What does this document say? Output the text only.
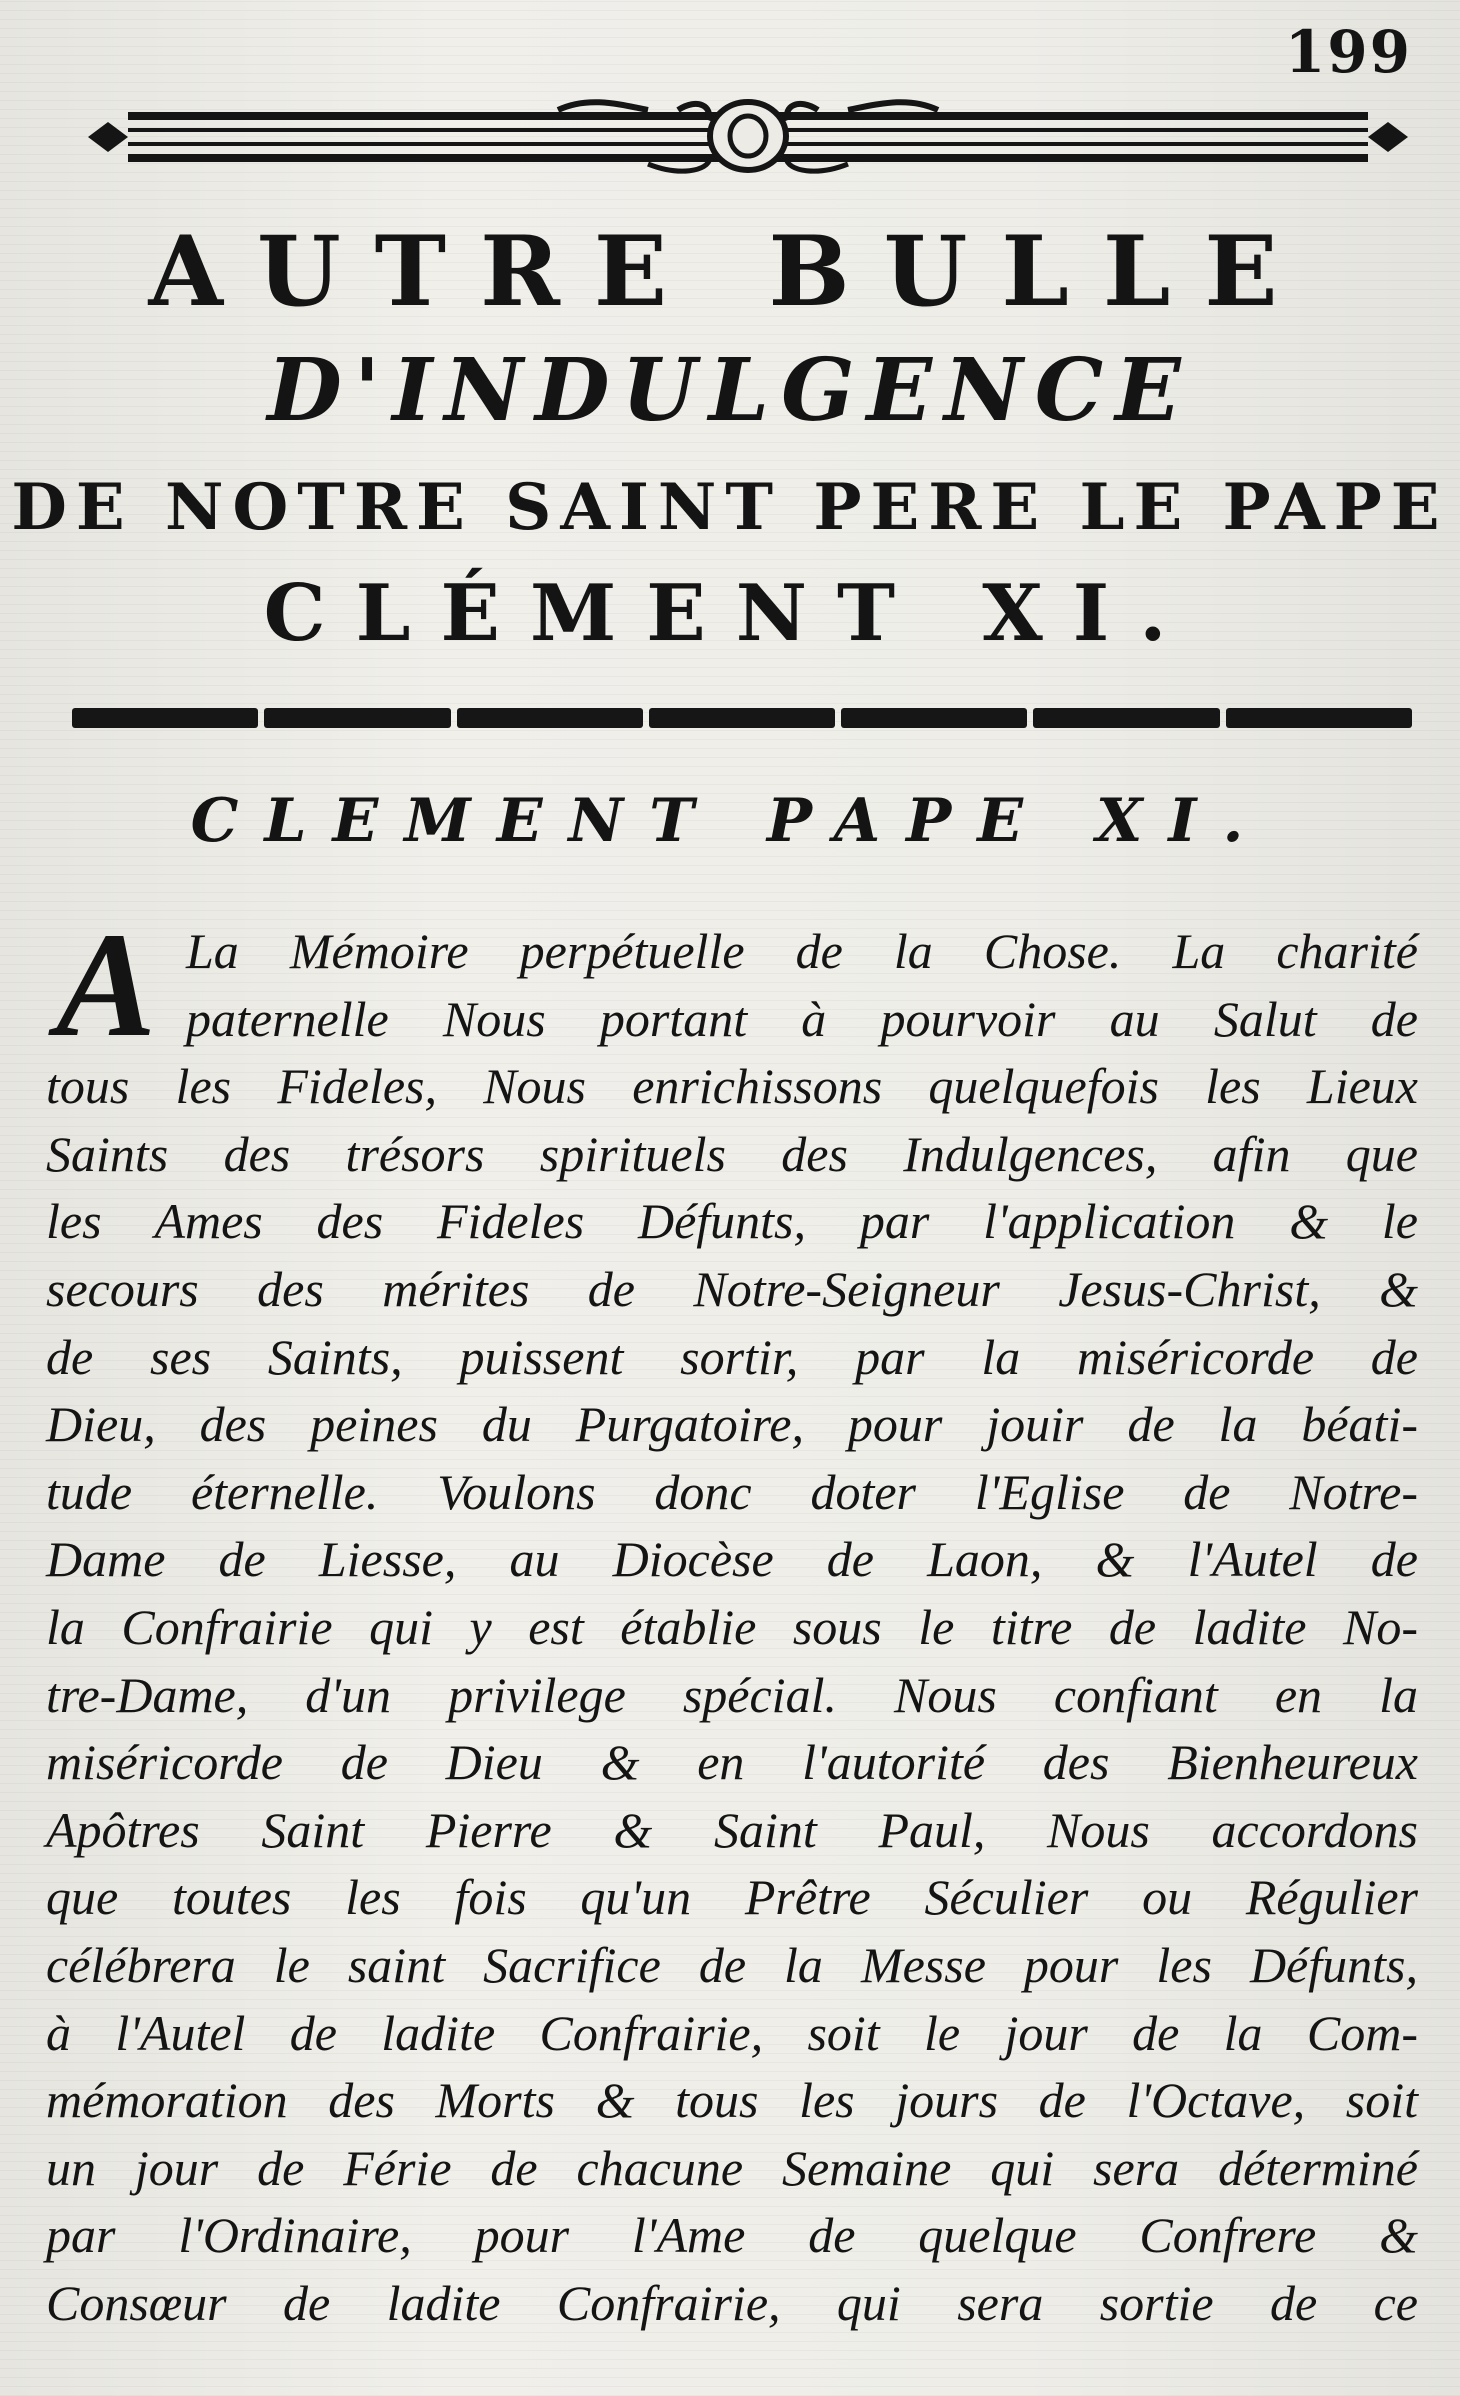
199
AUTRE BULLE
D'INDULGENCE
DE NOTRE SAINT PERE LE PAPE
CLÉMENT XI.
CLEMENT PAPE XI.
A La Mémoire perpétuelle de la Chose. La charité
paternelle Nous portant à pourvoir au Salut de
tous les Fideles, Nous enrichissons quelquefois les Lieux
Saints des trésors spirituels des Indulgences, afin que
les Ames des Fideles Défunts, par l'application & le
secours des mérites de Notre-Seigneur Jesus-Christ, &
de ses Saints, puissent sortir, par la miséricorde de
Dieu, des peines du Purgatoire, pour jouir de la béati-
tude éternelle. Voulons donc doter l'Eglise de Notre-
Dame de Liesse, au Diocèse de Laon, & l'Autel de
la Confrairie qui y est établie sous le titre de ladite No-
tre-Dame, d'un privilege spécial. Nous confiant en la
miséricorde de Dieu & en l'autorité des Bienheureux
Apôtres Saint Pierre & Saint Paul, Nous accordons
que toutes les fois qu'un Prêtre Séculier ou Régulier
célébrera le saint Sacrifice de la Messe pour les Défunts,
à l'Autel de ladite Confrairie, soit le jour de la Com-
mémoration des Morts & tous les jours de l'Octave, soit
un jour de Férie de chacune Semaine qui sera déterminé
par l'Ordinaire, pour l'Ame de quelque Confrere &
Consœur de ladite Confrairie, qui sera sortie de ce
